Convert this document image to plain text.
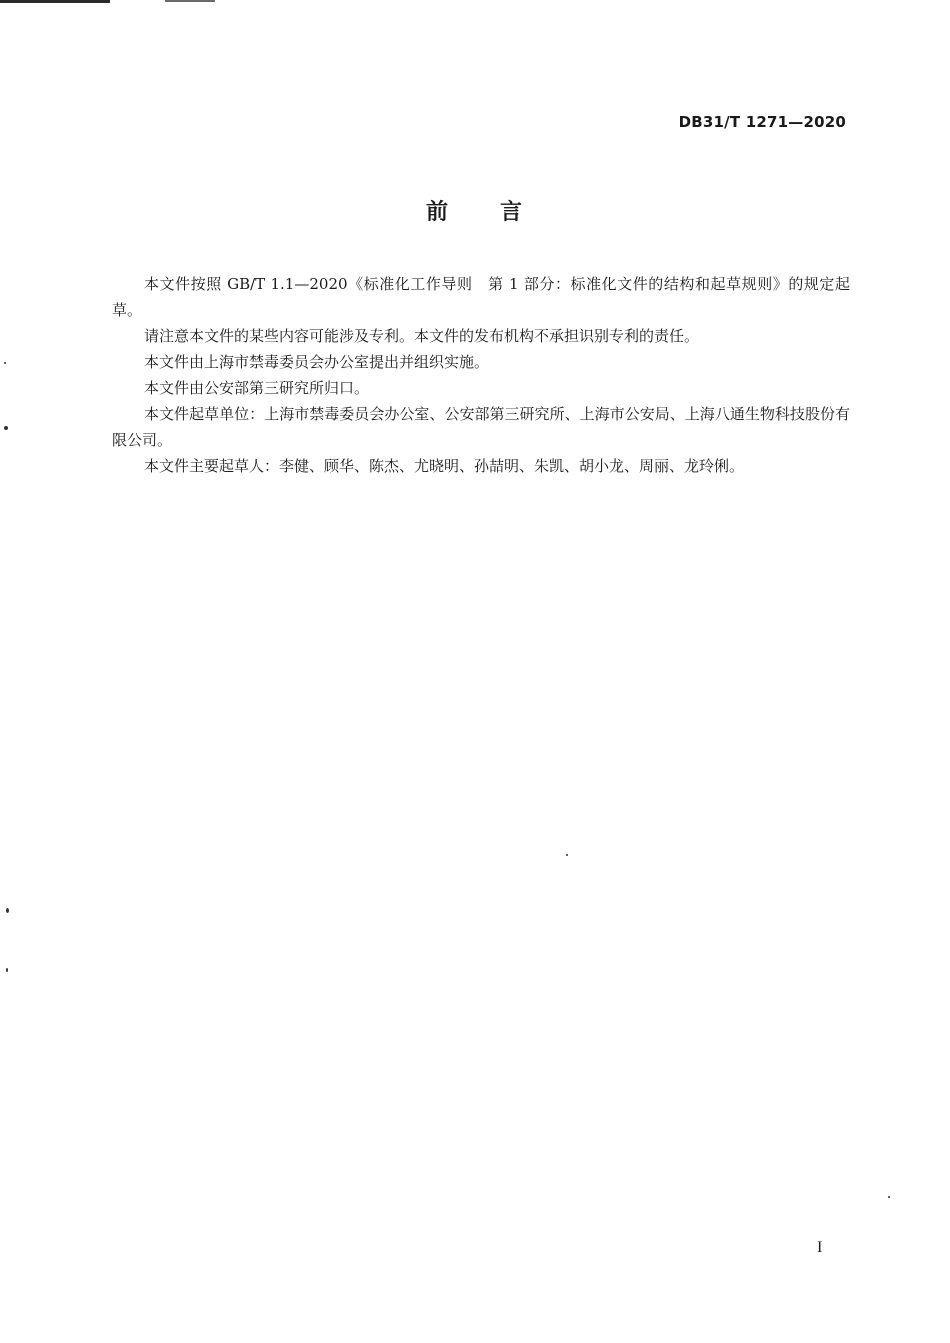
DB31/T 1271—2020
前 言

本文件按照 GB/T 1.1—2020《标准化工作导则　第 1 部分：标准化文件的结构和起草规则》的规定起草。

请注意本文件的某些内容可能涉及专利。本文件的发布机构不承担识别专利的责任。

本文件由上海市禁毒委员会办公室提出并组织实施。

本文件由公安部第三研究所归口。

本文件起草单位：上海市禁毒委员会办公室、公安部第三研究所、上海市公安局、上海八通生物科技股份有限公司。

本文件主要起草人：李健、顾华、陈杰、尤晓明、孙喆明、朱凯、胡小龙、周丽、龙玲俐。

I
